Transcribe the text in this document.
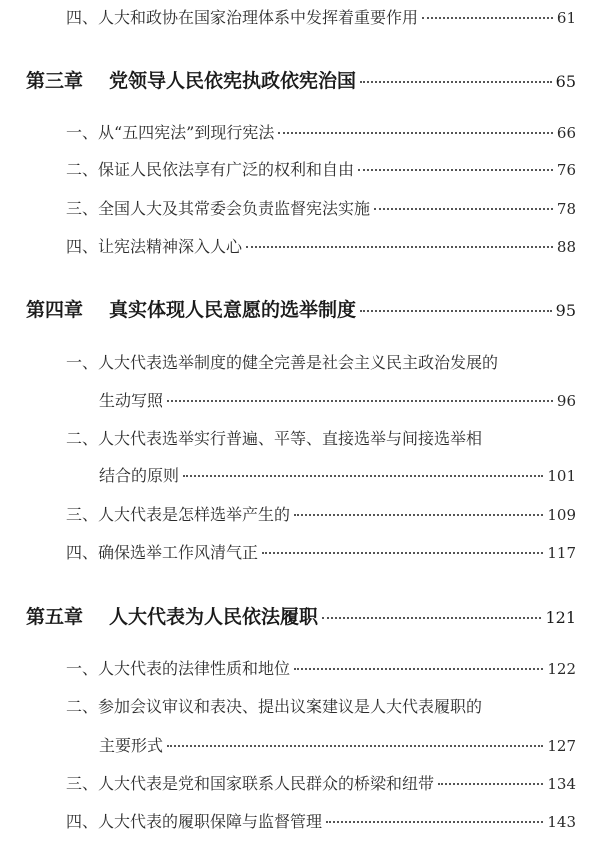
四、人大和政协在国家治理体系中发挥着重要作用	61
第三章 党领导人民依宪执政依宪治国	65
一、从“五四宪法”到现行宪法	66
二、保证人民依法享有广泛的权利和自由	76
三、全国人大及其常委会负责监督宪法实施	78
四、让宪法精神深入人心	88
第四章 真实体现人民意愿的选举制度	95
一、人大代表选举制度的健全完善是社会主义民主政治发展的
生动写照	96
二、人大代表选举实行普遍、平等、直接选举与间接选举相
结合的原则	101
三、人大代表是怎样选举产生的	109
四、确保选举工作风清气正	117
第五章 人大代表为人民依法履职	121
一、人大代表的法律性质和地位	122
二、参加会议审议和表决、提出议案建议是人大代表履职的
主要形式	127
三、人大代表是党和国家联系人民群众的桥梁和纽带	134
四、人大代表的履职保障与监督管理	143
